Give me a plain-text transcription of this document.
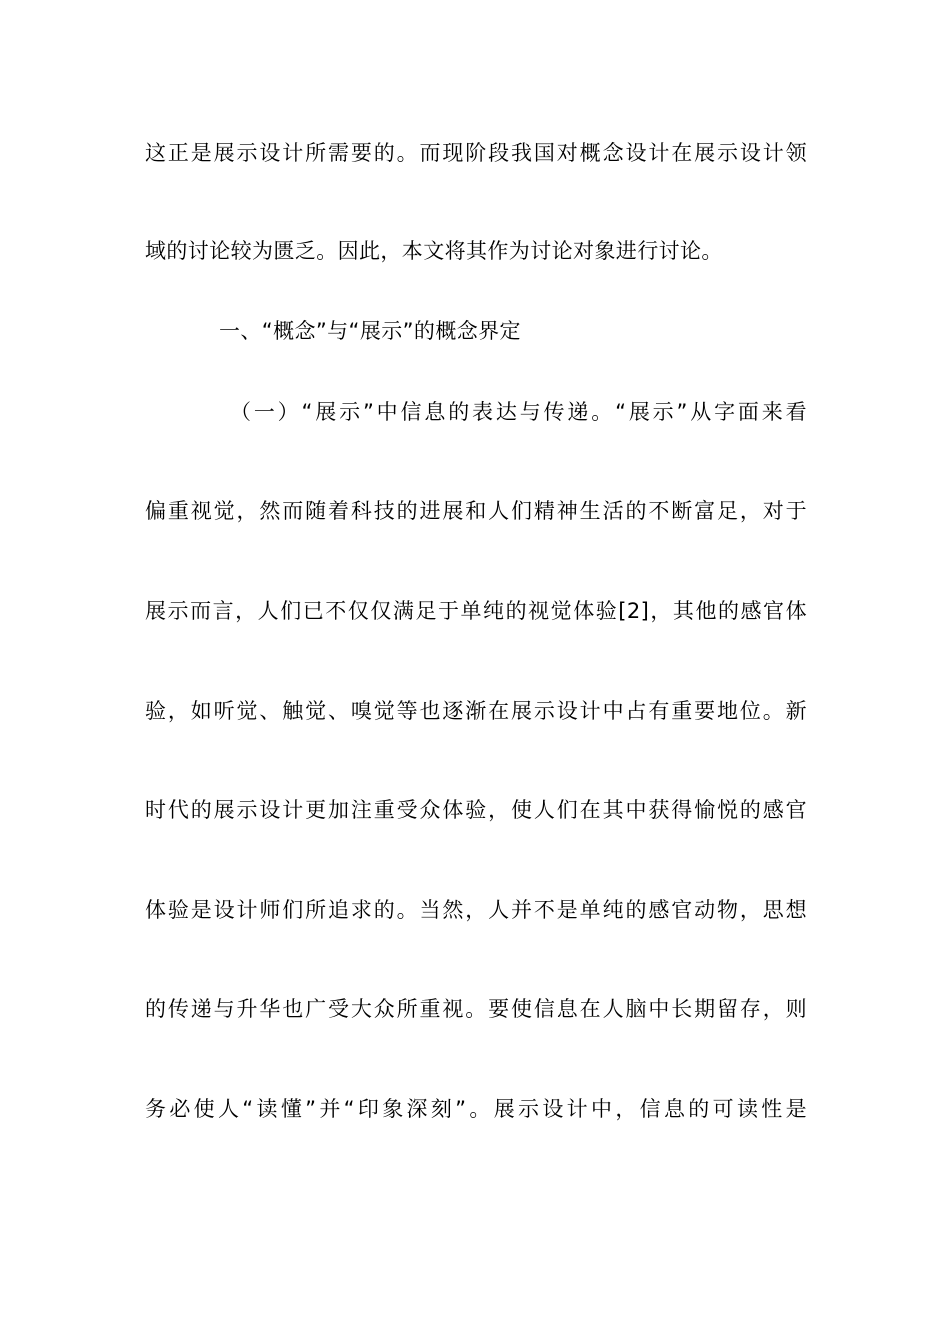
这正是展示设计所需要的。而现阶段我国对概念设计在展示设计领
域的讨论较为匮乏。因此，本文将其作为讨论对象进行讨论。
一、“概念”与“展示”的概念界定
（一）“展示”中信息的表达与传递。“展示”从字面来看
偏重视觉，然而随着科技的进展和人们精神生活的不断富足，对于
展示而言，人们已不仅仅满足于单纯的视觉体验[2]，其他的感官体
验，如听觉、触觉、嗅觉等也逐渐在展示设计中占有重要地位。新
时代的展示设计更加注重受众体验，使人们在其中获得愉悦的感官
体验是设计师们所追求的。当然，人并不是单纯的感官动物，思想
的传递与升华也广受大众所重视。要使信息在人脑中长期留存，则
务必使人“读懂”并“印象深刻”。展示设计中，信息的可读性是
